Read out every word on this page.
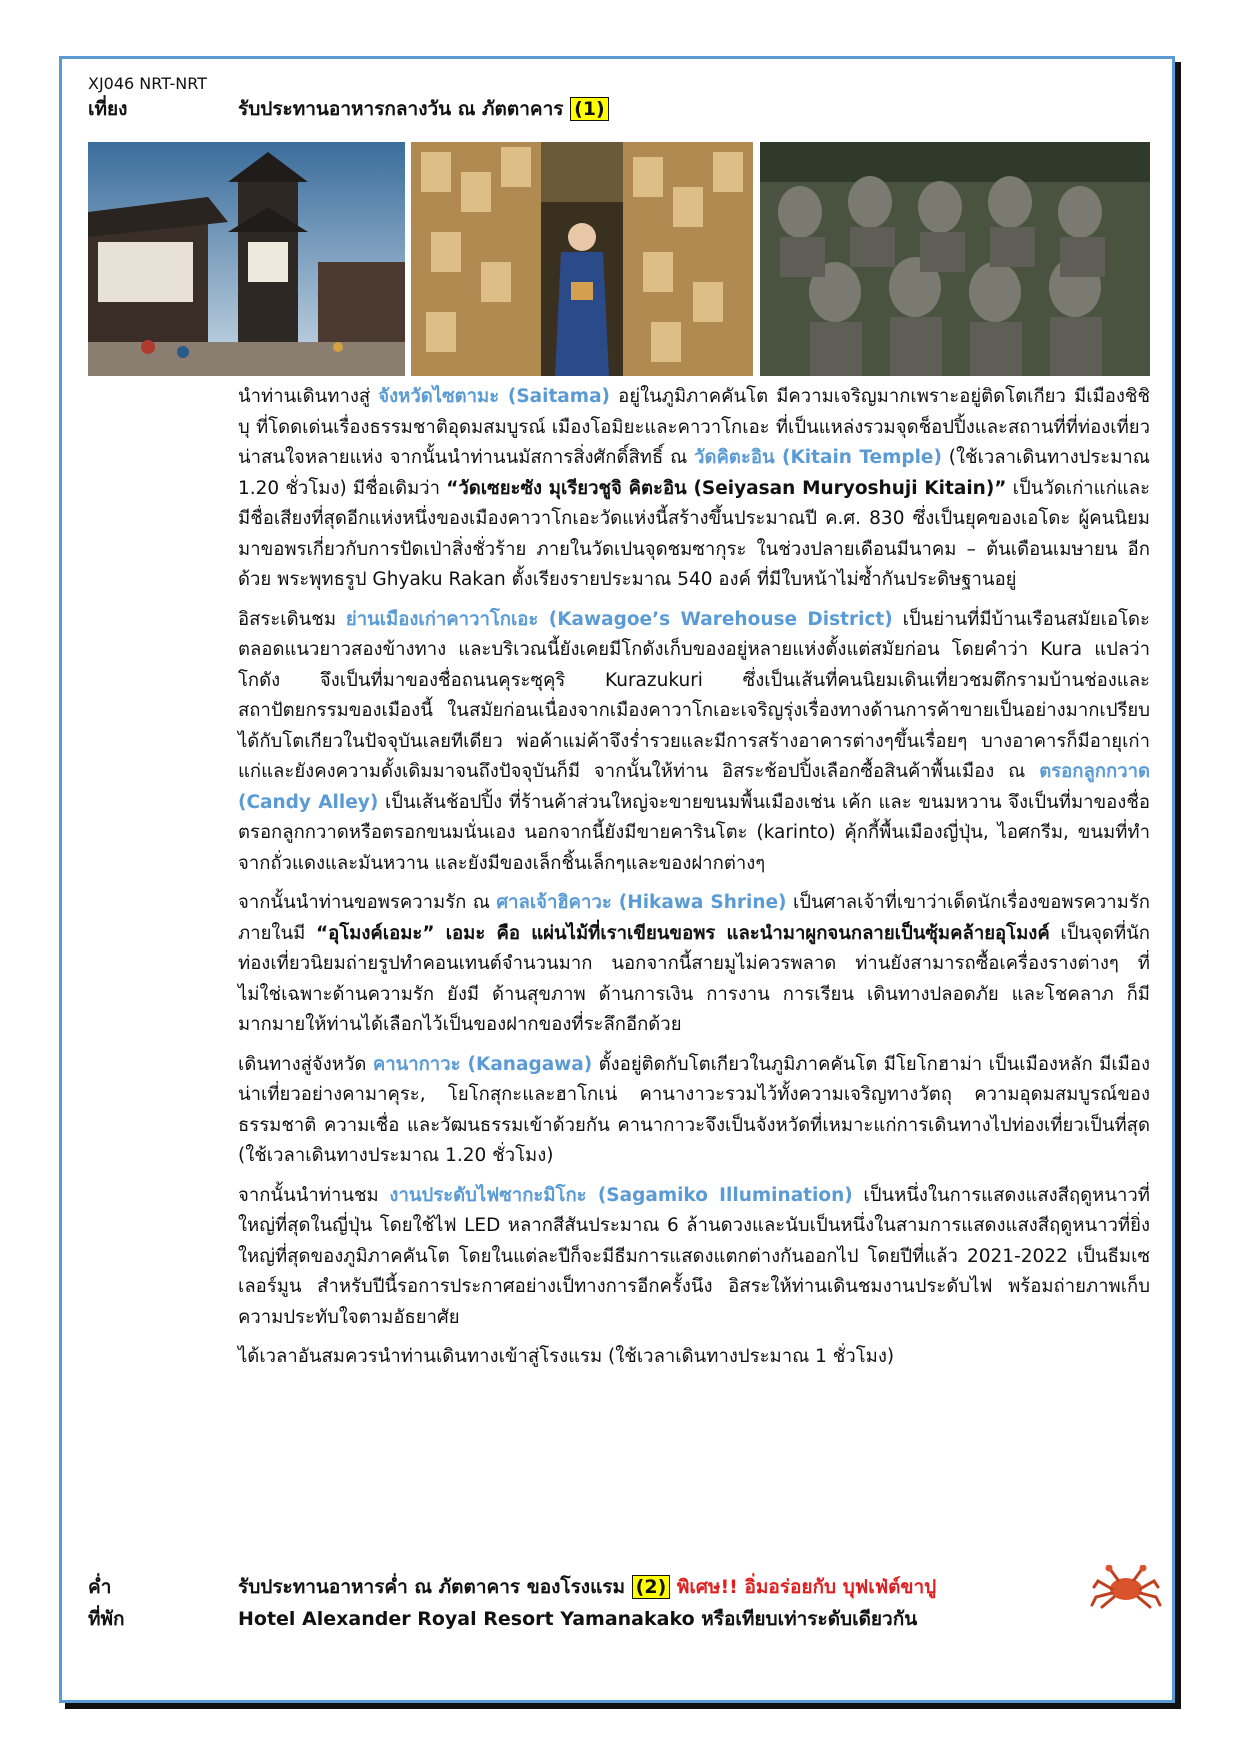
XJ046 NRT-NRT
เที่ยง	รับประทานอาหารกลางวัน ณ ภัตตาคาร (1)

นำท่านเดินทางสู่ จังหวัดไซตามะ (Saitama) อยู่ในภูมิภาคคันโต มีความเจริญมากเพราะอยู่ติดโตเกียว มีเมืองชิชิบุ ที่โดดเด่นเรื่องธรรมชาติอุดมสมบูรณ์ เมืองโอมิยะและคาวาโกเอะ ที่เป็นแหล่งรวมจุดช็อปปิ้งและสถานที่ที่ท่องเที่ยวน่าสนใจหลายแห่ง จากนั้นนำท่านนมัสการสิ่งศักดิ์สิทธิ์ ณ วัดคิตะอิน (Kitain Temple) (ใช้เวลาเดินทางประมาณ 1.20 ชั่วโมง) มีชื่อเดิมว่า “วัดเซยะซัง มุเรียวชูจิ คิตะอิน (Seiyasan Muryoshuji Kitain)” เป็นวัดเก่าแก่และมีชื่อเสียงที่สุดอีกแห่งหนึ่งของเมืองคาวาโกเอะวัดแห่งนี้สร้างขึ้นประมาณปี ค.ศ. 830 ซึ่งเป็นยุคของเอโดะ ผู้คนนิยมมาขอพรเกี่ยวกับการปัดเป่าสิ่งชั่วร้าย ภายในวัดเปนจุดชมซากุระ ในช่วงปลายเดือนมีนาคม – ต้นเดือนเมษายน อีกด้วย พระพุทธรูป Ghyaku Rakan ตั้งเรียงรายประมาณ 540 องค์ ที่มีใบหน้าไม่ซ้ำกันประดิษฐานอยู่

อิสระเดินชม ย่านเมืองเก่าคาวาโกเอะ (Kawagoe’s Warehouse District) เป็นย่านที่มีบ้านเรือนสมัยเอโดะตลอดแนวยาวสองข้างทาง และบริเวณนี้ยังเคยมีโกดังเก็บของอยู่หลายแห่งตั้งแต่สมัยก่อน โดยคำว่า Kura แปลว่า โกดัง จึงเป็นที่มาของชื่อถนนคุระซุคุริ Kurazukuri ซึ่งเป็นเส้นที่คนนิยมเดินเที่ยวชมตึกรามบ้านช่องและสถาปัตยกรรมของเมืองนี้ ในสมัยก่อนเนื่องจากเมืองคาวาโกเอะเจริญรุ่งเรื่องทางด้านการค้าขายเป็นอย่างมากเปรียบได้กับโตเกียวในปัจจุบันเลยทีเดียว พ่อค้าแม่ค้าจึงร่ำรวยและมีการสร้างอาคารต่างๆขึ้นเรื่อยๆ บางอาคารก็มีอายุเก่าแก่และยังคงความดั้งเดิมมาจนถึงปัจจุบันก็มี จากนั้นให้ท่าน อิสระช้อปปิ้งเลือกซื้อสินค้าพื้นเมือง ณ ตรอกลูกกวาด (Candy Alley) เป็นเส้นช้อปปิ้ง ที่ร้านค้าส่วนใหญ่จะขายขนมพื้นเมืองเช่น เค้ก และ ขนมหวาน จึงเป็นที่มาของชื่อตรอกลูกกวาดหรือตรอกขนมนั่นเอง นอกจากนี้ยังมีขายคารินโตะ (karinto) คุ้กกี้พื้นเมืองญี่ปุ่น, ไอศกรีม, ขนมที่ทำจากถั่วแดงและมันหวาน และยังมีของเล็กชิ้นเล็กๆและของฝากต่างๆ

จากนั้นนำท่านขอพรความรัก ณ ศาลเจ้าฮิคาวะ (Hikawa Shrine) เป็นศาลเจ้าที่เขาว่าเด็ดนักเรื่องขอพรความรัก ภายในมี “อุโมงค์เอมะ” เอมะ คือ แผ่นไม้ที่เราเขียนขอพร และนำมาผูกจนกลายเป็นซุ้มคล้ายอุโมงค์ เป็นจุดที่นักท่องเที่ยวนิยมถ่ายรูปทำคอนเทนต์จำนวนมาก นอกจากนี้สายมูไม่ควรพลาด ท่านยังสามารถซื้อเครื่องรางต่างๆ ที่ไม่ใช่เฉพาะด้านความรัก ยังมี ด้านสุขภาพ ด้านการเงิน การงาน การเรียน เดินทางปลอดภัย และโชคลาภ ก็มีมากมายให้ท่านได้เลือกไว้เป็นของฝากของที่ระลึกอีกด้วย

เดินทางสู่จังหวัด คานากาวะ (Kanagawa) ตั้งอยู่ติดกับโตเกียวในภูมิภาคคันโต มีโยโกฮาม่า เป็นเมืองหลัก มีเมืองน่าเที่ยวอย่างคามาคุระ, โยโกสุกะและฮาโกเน่ คานางาวะรวมไว้ทั้งความเจริญทางวัตถุ ความอุดมสมบูรณ์ของธรรมชาติ ความเชื่อ และวัฒนธรรมเข้าด้วยกัน คานากาวะจึงเป็นจังหวัดที่เหมาะแก่การเดินทางไปท่องเที่ยวเป็นที่สุด (ใช้เวลาเดินทางประมาณ 1.20 ชั่วโมง)

จากนั้นนำท่านชม งานประดับไฟซากะมิโกะ (Sagamiko Illumination) เป็นหนึ่งในการแสดงแสงสีฤดูหนาวที่ใหญ่ที่สุดในญี่ปุ่น โดยใช้ไฟ LED หลากสีสันประมาณ 6 ล้านดวงและนับเป็นหนึ่งในสามการแสดงแสงสีฤดูหนาวที่ยิ่งใหญ่ที่สุดของภูมิภาคคันโต โดยในแต่ละปีก็จะมีธีมการแสดงแตกต่างกันออกไป โดยปีที่แล้ว 2021-2022 เป็นธีมเซเลอร์มูน สำหรับปีนี้รอการประกาศอย่างเป็ทางการอีกครั้งนึง อิสระให้ท่านเดินชมงานประดับไฟ พร้อมถ่ายภาพเก็บความประทับใจตามอัธยาศัย

ได้เวลาอันสมควรนำท่านเดินทางเข้าสู่โรงแรม (ใช้เวลาเดินทางประมาณ 1 ชั่วโมง)

ค่ำ	รับประทานอาหารค่ำ ณ ภัตตาคาร ของโรงแรม (2) พิเศษ!! อิ่มอร่อยกับ บุฟเฟ่ต์ขาปู
ที่พัก	Hotel Alexander Royal Resort Yamanakako หรือเทียบเท่าระดับเดียวกัน
